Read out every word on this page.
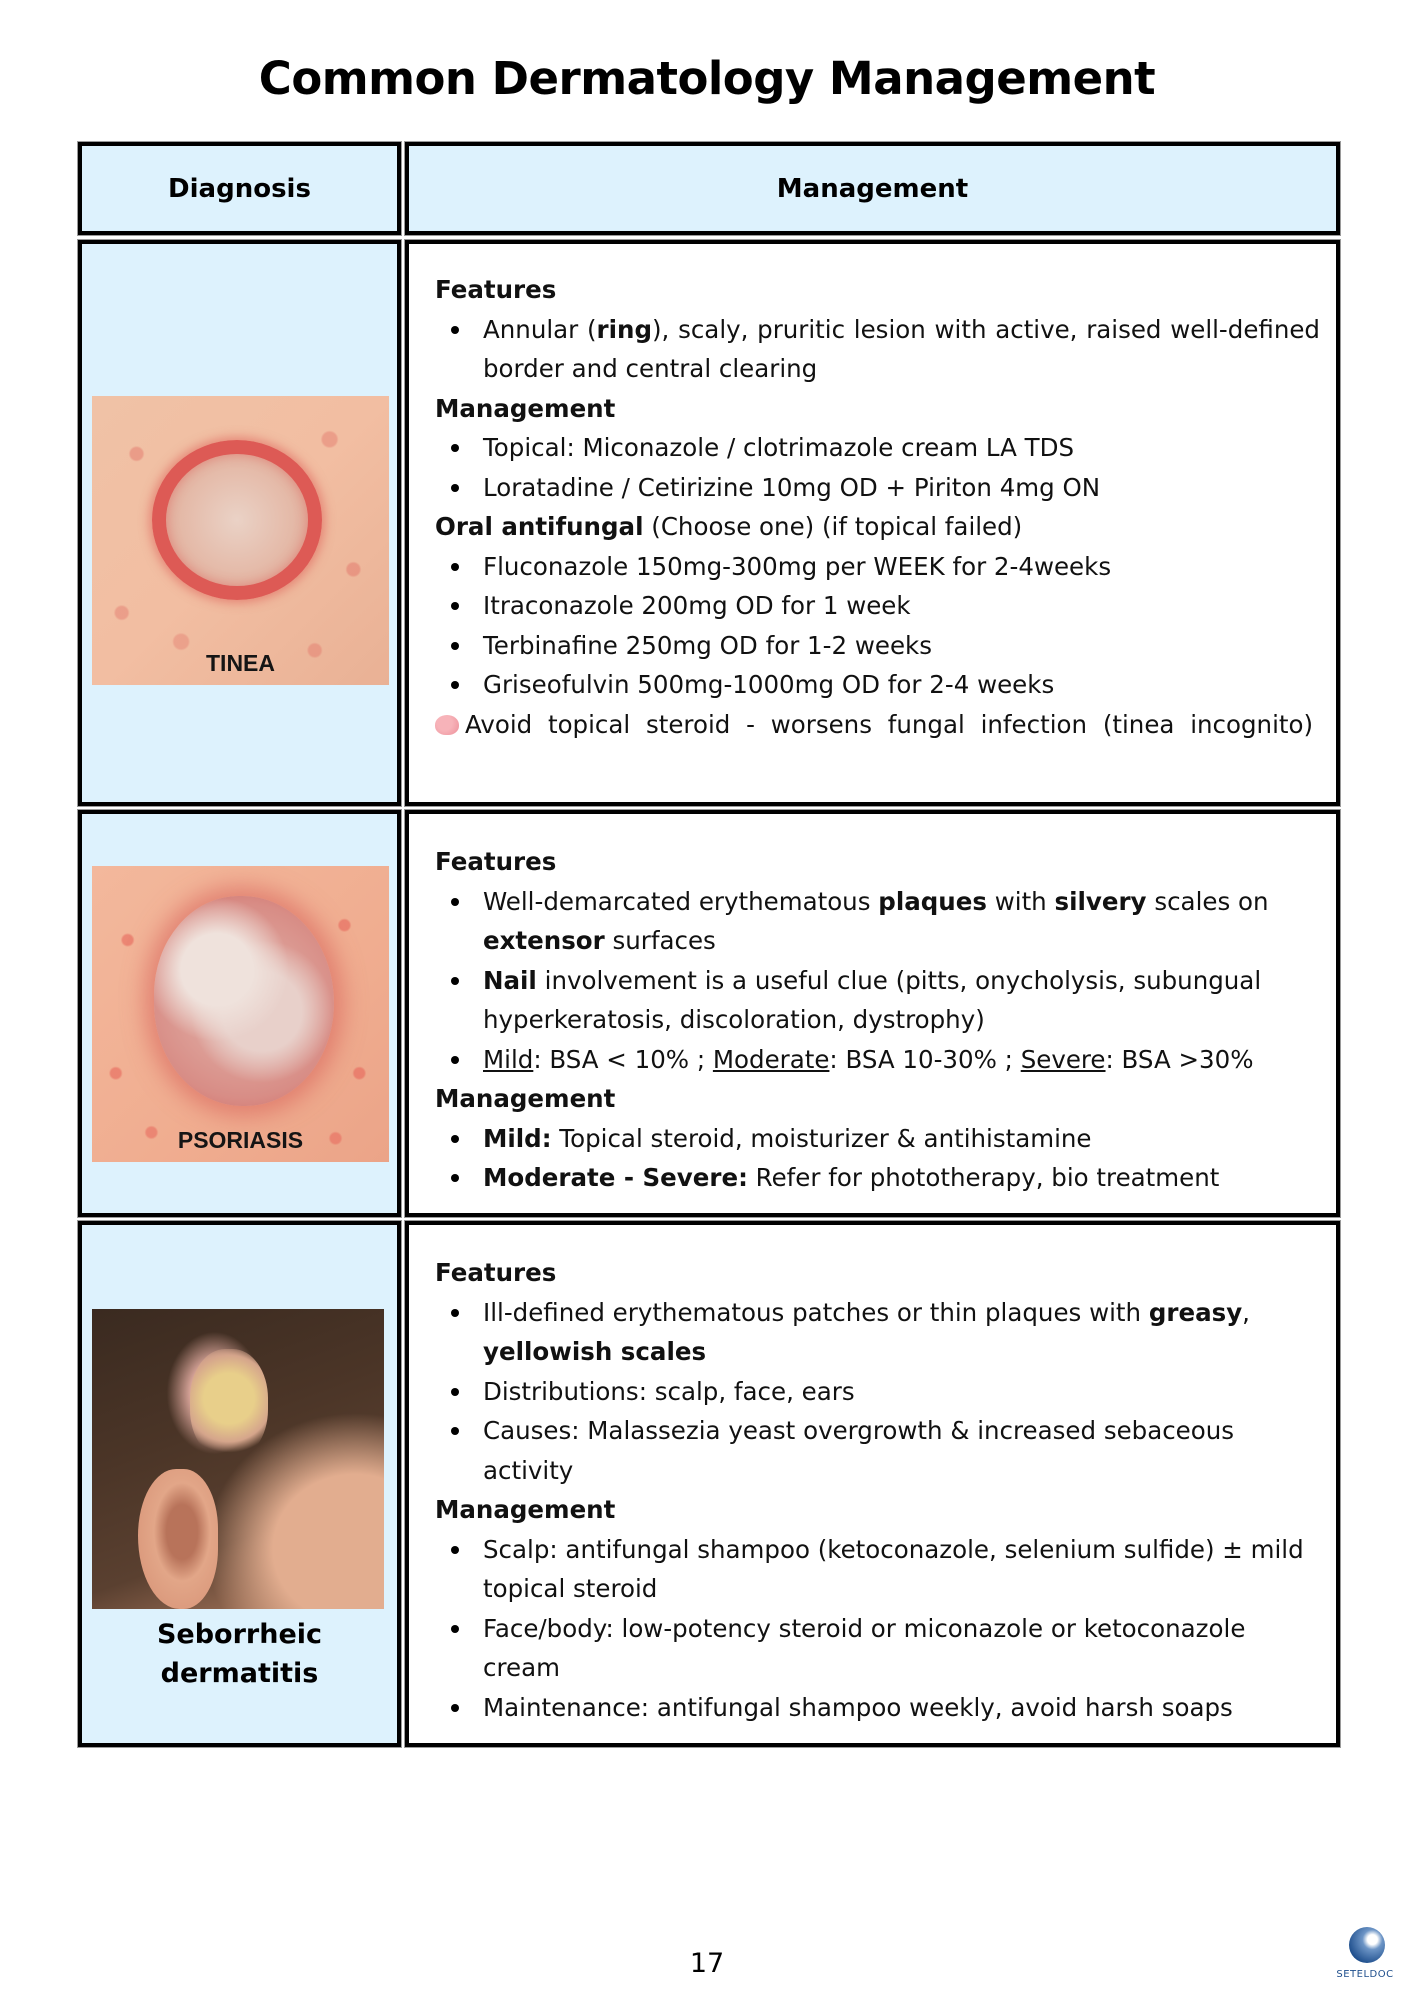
Common Dermatology Management
Diagnosis	Management
TINEA
Features
Annular (ring), scaly, pruritic lesion with active, raised well-defined border and central clearing
Management
Topical: Miconazole / clotrimazole cream LA TDS
Loratadine / Cetirizine 10mg OD + Piriton 4mg ON
Oral antifungal (Choose one) (if topical failed)
Fluconazole 150mg-300mg per WEEK for 2-4weeks
Itraconazole 200mg OD for 1 week
Terbinafine 250mg OD for 1-2 weeks
Griseofulvin 500mg-1000mg OD for 2-4 weeks
Avoid topical steroid - worsens fungal infection (tinea incognito)
PSORIASIS
Features
Well-demarcated erythematous plaques with silvery scales on extensor surfaces
Nail involvement is a useful clue (pitts, onycholysis, subungual hyperkeratosis, discoloration, dystrophy)
Mild: BSA < 10% ; Moderate: BSA 10-30% ; Severe: BSA >30%
Management
Mild: Topical steroid, moisturizer & antihistamine
Moderate - Severe: Refer for phototherapy, bio treatment
Seborrheic
dermatitis
Features
Ill-defined erythematous patches or thin plaques with greasy, yellowish scales
Distributions: scalp, face, ears
Causes: Malassezia yeast overgrowth & increased sebaceous activity
Management
Scalp: antifungal shampoo (ketoconazole, selenium sulfide) ± mild topical steroid
Face/body: low-potency steroid or miconazole or ketoconazole cream
Maintenance: antifungal shampoo weekly, avoid harsh soaps
17	SETELDOC
